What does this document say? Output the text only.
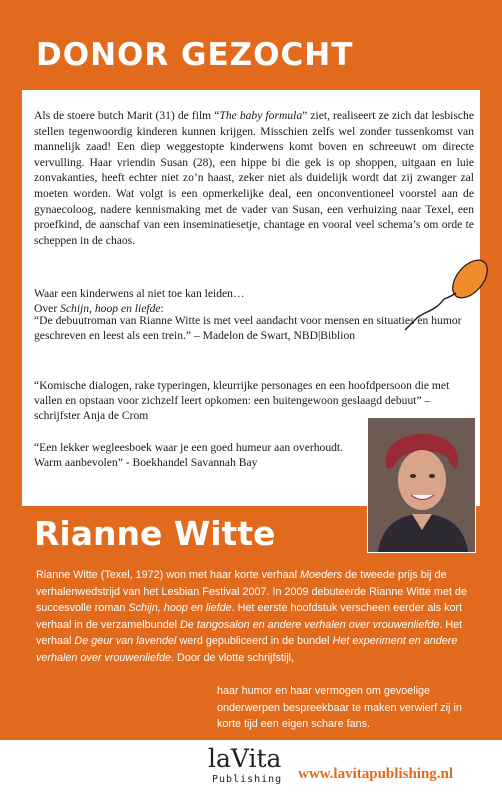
DONOR GEZOCHT

Als de stoere butch Marit (31) de film “The baby formula” ziet, realiseert ze zich dat lesbische stellen tegenwoordig kinderen kunnen krijgen. Misschien zelfs wel zonder tussenkomst van mannelijk zaad! Een diep weggestopte kinderwens komt boven en schreeuwt om directe vervulling. Haar vriendin Susan (28), een hippe bi die gek is op shoppen, uitgaan en luie zonvakanties, heeft echter niet zo’n haast, zeker niet als duidelijk wordt dat zij zwanger zal moeten worden. Wat volgt is een opmerkelijke deal, een onconventioneel voorstel aan de gynaecoloog, nadere kennismaking met de vader van Susan, een verhuizing naar Texel, een proefkind, de aanschaf van een inseminatiesetje, chantage en vooral veel schema’s om orde te scheppen in de chaos.

Waar een kinderwens al niet toe kan leiden…

Over Schijn, hoop en liefde:

“De debuutroman van Rianne Witte is met veel aandacht voor mensen en situaties en humor geschreven en leest als een trein.” – Madelon de Swart, NBD|Biblion

“Komische dialogen, rake typeringen, kleurrijke personages en een hoofdpersoon die met vallen en opstaan voor zichzelf leert opkomen: een buitengewoon geslaagd debuut” – schrijfster Anja de Crom

“Een lekker wegleesboek waar je een goed humeur aan overhoudt. Warm aanbevolen” - Boekhandel Savannah Bay

Rianne Witte

Rianne Witte (Texel, 1972) won met haar korte verhaal Moeders de tweede prijs bij de verhalenwedstrijd van het Lesbian Festival 2007. In 2009 debuteerde Rianne Witte met de succesvolle roman Schijn, hoop en liefde. Het eerste hoofdstuk verscheen eerder als kort verhaal in de verzamelbundel De tangosalon en andere verhalen over vrouwenliefde. Het verhaal De geur van lavendel werd gepubliceerd in de bundel Het experiment en andere verhalen over vrouwenliefde. Door de vlotte schrijfstijl,

haar humor en haar vermogen om gevoelige onderwerpen bespreekbaar te maken verwierf zij in korte tijd een eigen schare fans.

laVita

Publishing www.lavitapublishing.nl
